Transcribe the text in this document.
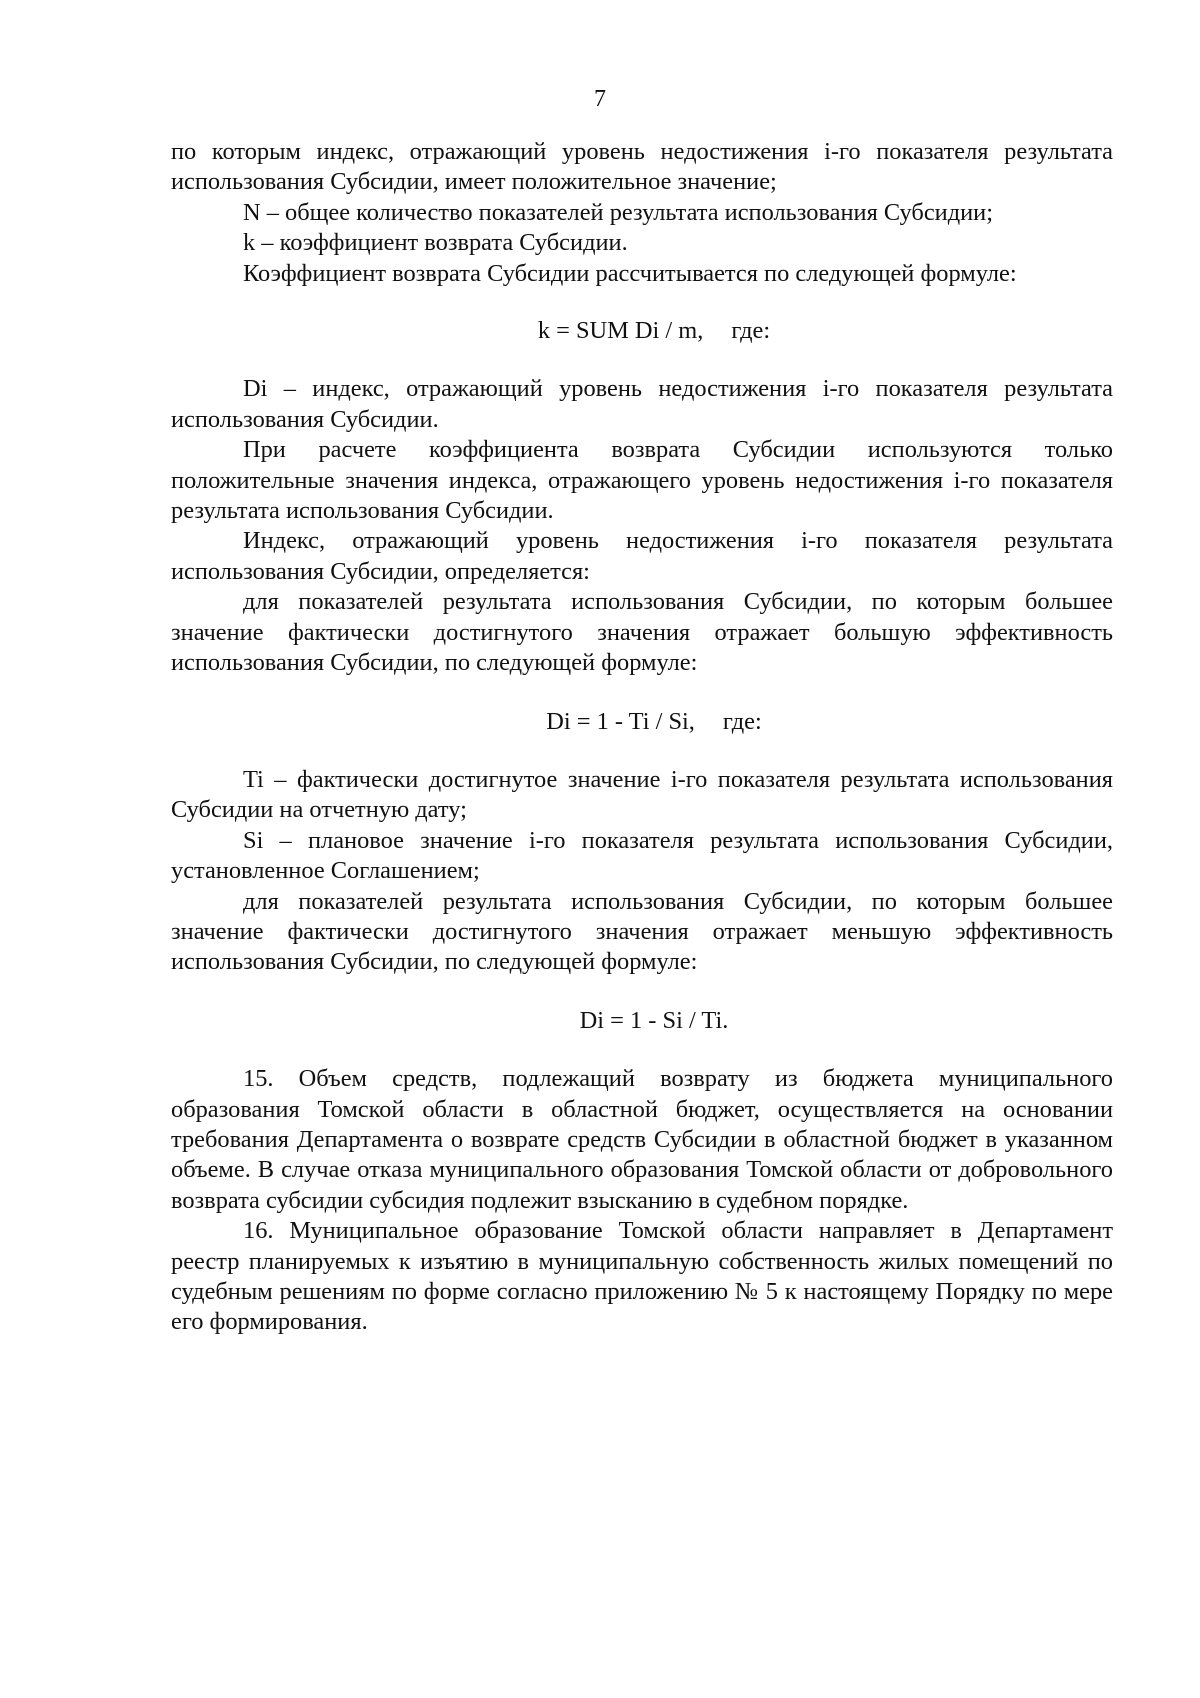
7

по которым индекс, отражающий уровень недостижения i-го показателя результата использования Субсидии, имеет положительное значение;

N – общее количество показателей результата использования Субсидии;

k – коэффициент возврата Субсидии.

Коэффициент возврата Субсидии рассчитывается по следующей формуле:

k = SUM Di / m, где:

Di – индекс, отражающий уровень недостижения i-го показателя результата использования Субсидии.

При расчете коэффициента возврата Субсидии используются только положительные значения индекса, отражающего уровень недостижения i-го показателя результата использования Субсидии.

Индекс, отражающий уровень недостижения i-го показателя результата использования Субсидии, определяется:

для показателей результата использования Субсидии, по которым большее значение фактически достигнутого значения отражает большую эффективность использования Субсидии, по следующей формуле:

Di = 1 - Ti / Si, где:

Ti – фактически достигнутое значение i-го показателя результата использования Субсидии на отчетную дату;

Si – плановое значение i-го показателя результата использования Субсидии, установленное Соглашением;

для показателей результата использования Субсидии, по которым большее значение фактически достигнутого значения отражает меньшую эффективность использования Субсидии, по следующей формуле:

Di = 1 - Si / Ti.

15. Объем средств, подлежащий возврату из бюджета муниципального образования Томской области в областной бюджет, осуществляется на основании требования Департамента о возврате средств Субсидии в областной бюджет в указанном объеме. В случае отказа муниципального образования Томской области от добровольного возврата субсидии субсидия подлежит взысканию в судебном порядке.

16. Муниципальное образование Томской области направляет в Департамент реестр планируемых к изъятию в муниципальную собственность жилых помещений по судебным решениям по форме согласно приложению № 5 к настоящему Порядку по мере его формирования.
